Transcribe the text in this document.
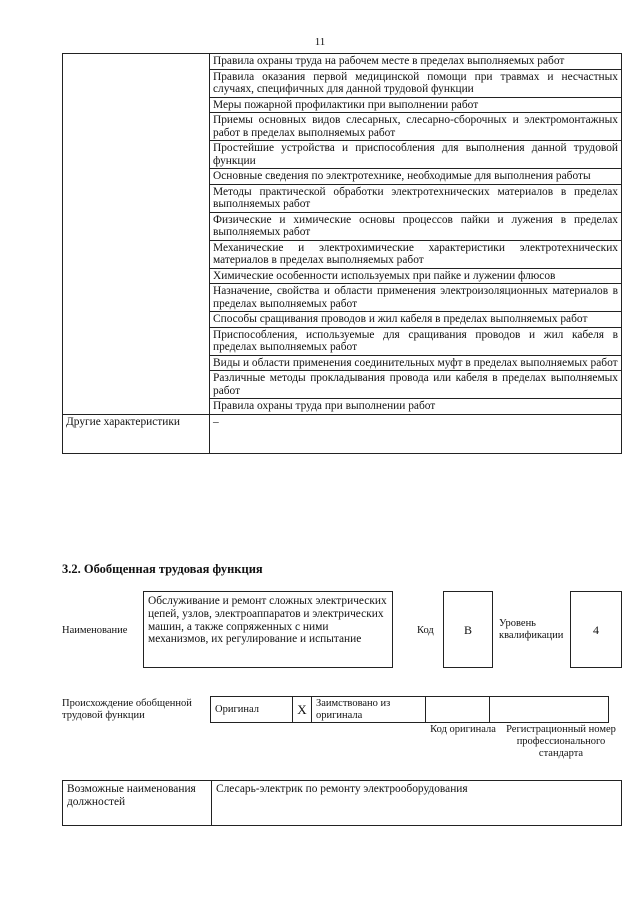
11
	Правила охраны труда на рабочем месте в пределах выполняемых работ
	Правила оказания первой медицинской помощи при травмах и несчастных случаях, специфичных для данной трудовой функции
	Меры пожарной профилактики при выполнении работ
	Приемы основных видов слесарных, слесарно-сборочных и электромонтажных работ в пределах выполняемых работ
	Простейшие устройства и приспособления для выполнения данной трудовой функции
	Основные сведения по электротехнике, необходимые для выполнения работы
	Методы практической обработки электротехнических материалов в пределах выполняемых работ
	Физические и химические основы процессов пайки и лужения в пределах выполняемых работ
	Механические и электрохимические характеристики электротехнических материалов в пределах выполняемых работ
	Химические особенности используемых при пайке и лужении флюсов
	Назначение, свойства и области применения электроизоляционных материалов в пределах выполняемых работ
	Способы сращивания проводов и жил кабеля в пределах выполняемых работ
	Приспособления, используемые для сращивания проводов и жил кабеля в пределах выполняемых работ
	Виды и области применения соединительных муфт в пределах выполняемых работ
	Различные методы прокладывания провода или кабеля в пределах выполняемых работ
	Правила охраны труда при выполнении работ
Другие характеристики	–
3.2. Обобщенная трудовая функция
Наименование
Обслуживание и ремонт сложных электрических цепей, узлов, электроаппаратов и электрических машин, а также сопряженных с ними механизмов, их регулирование и испытание
Код	B	Уровень квалификации	4
Происхождение обобщенной трудовой функции
Оригинал	X	Заимствовано из оригинала		
Код оригинала Регистрационный номер профессионального стандарта
Возможные наименования должностей	Слесарь-электрик по ремонту электрооборудования
